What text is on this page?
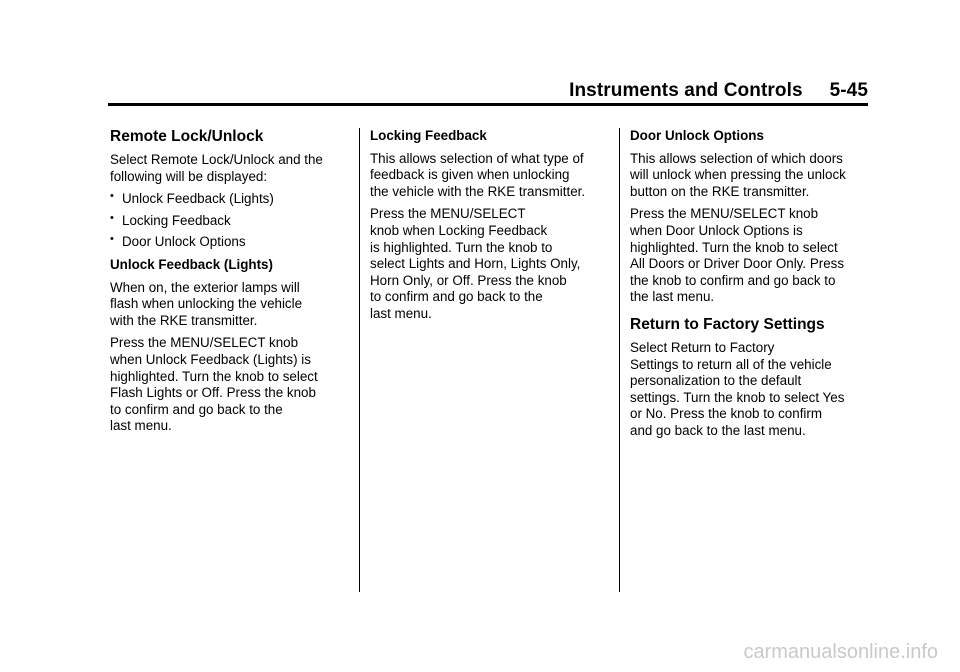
Instruments and Controls 5-45
Remote Lock/Unlock

Select Remote Lock/Unlock and the
following will be displayed:

• Unlock Feedback (Lights)
• Locking Feedback
• Door Unlock Options
Unlock Feedback (Lights)

When on, the exterior lamps will
flash when unlocking the vehicle
with the RKE transmitter.

Press the MENU/SELECT knob
when Unlock Feedback (Lights) is
highlighted. Turn the knob to select
Flash Lights or Off. Press the knob
to confirm and go back to the
last menu.

Locking Feedback

This allows selection of what type of
feedback is given when unlocking
the vehicle with the RKE transmitter.

Press the MENU/SELECT
knob when Locking Feedback
is highlighted. Turn the knob to
select Lights and Horn, Lights Only,
Horn Only, or Off. Press the knob
to confirm and go back to the
last menu.

Door Unlock Options

This allows selection of which doors
will unlock when pressing the unlock
button on the RKE transmitter.

Press the MENU/SELECT knob
when Door Unlock Options is
highlighted. Turn the knob to select
All Doors or Driver Door Only. Press
the knob to confirm and go back to
the last menu.

Return to Factory Settings

Select Return to Factory
Settings to return all of the vehicle
personalization to the default
settings. Turn the knob to select Yes
or No. Press the knob to confirm
and go back to the last menu.

carmanualsonline.info
